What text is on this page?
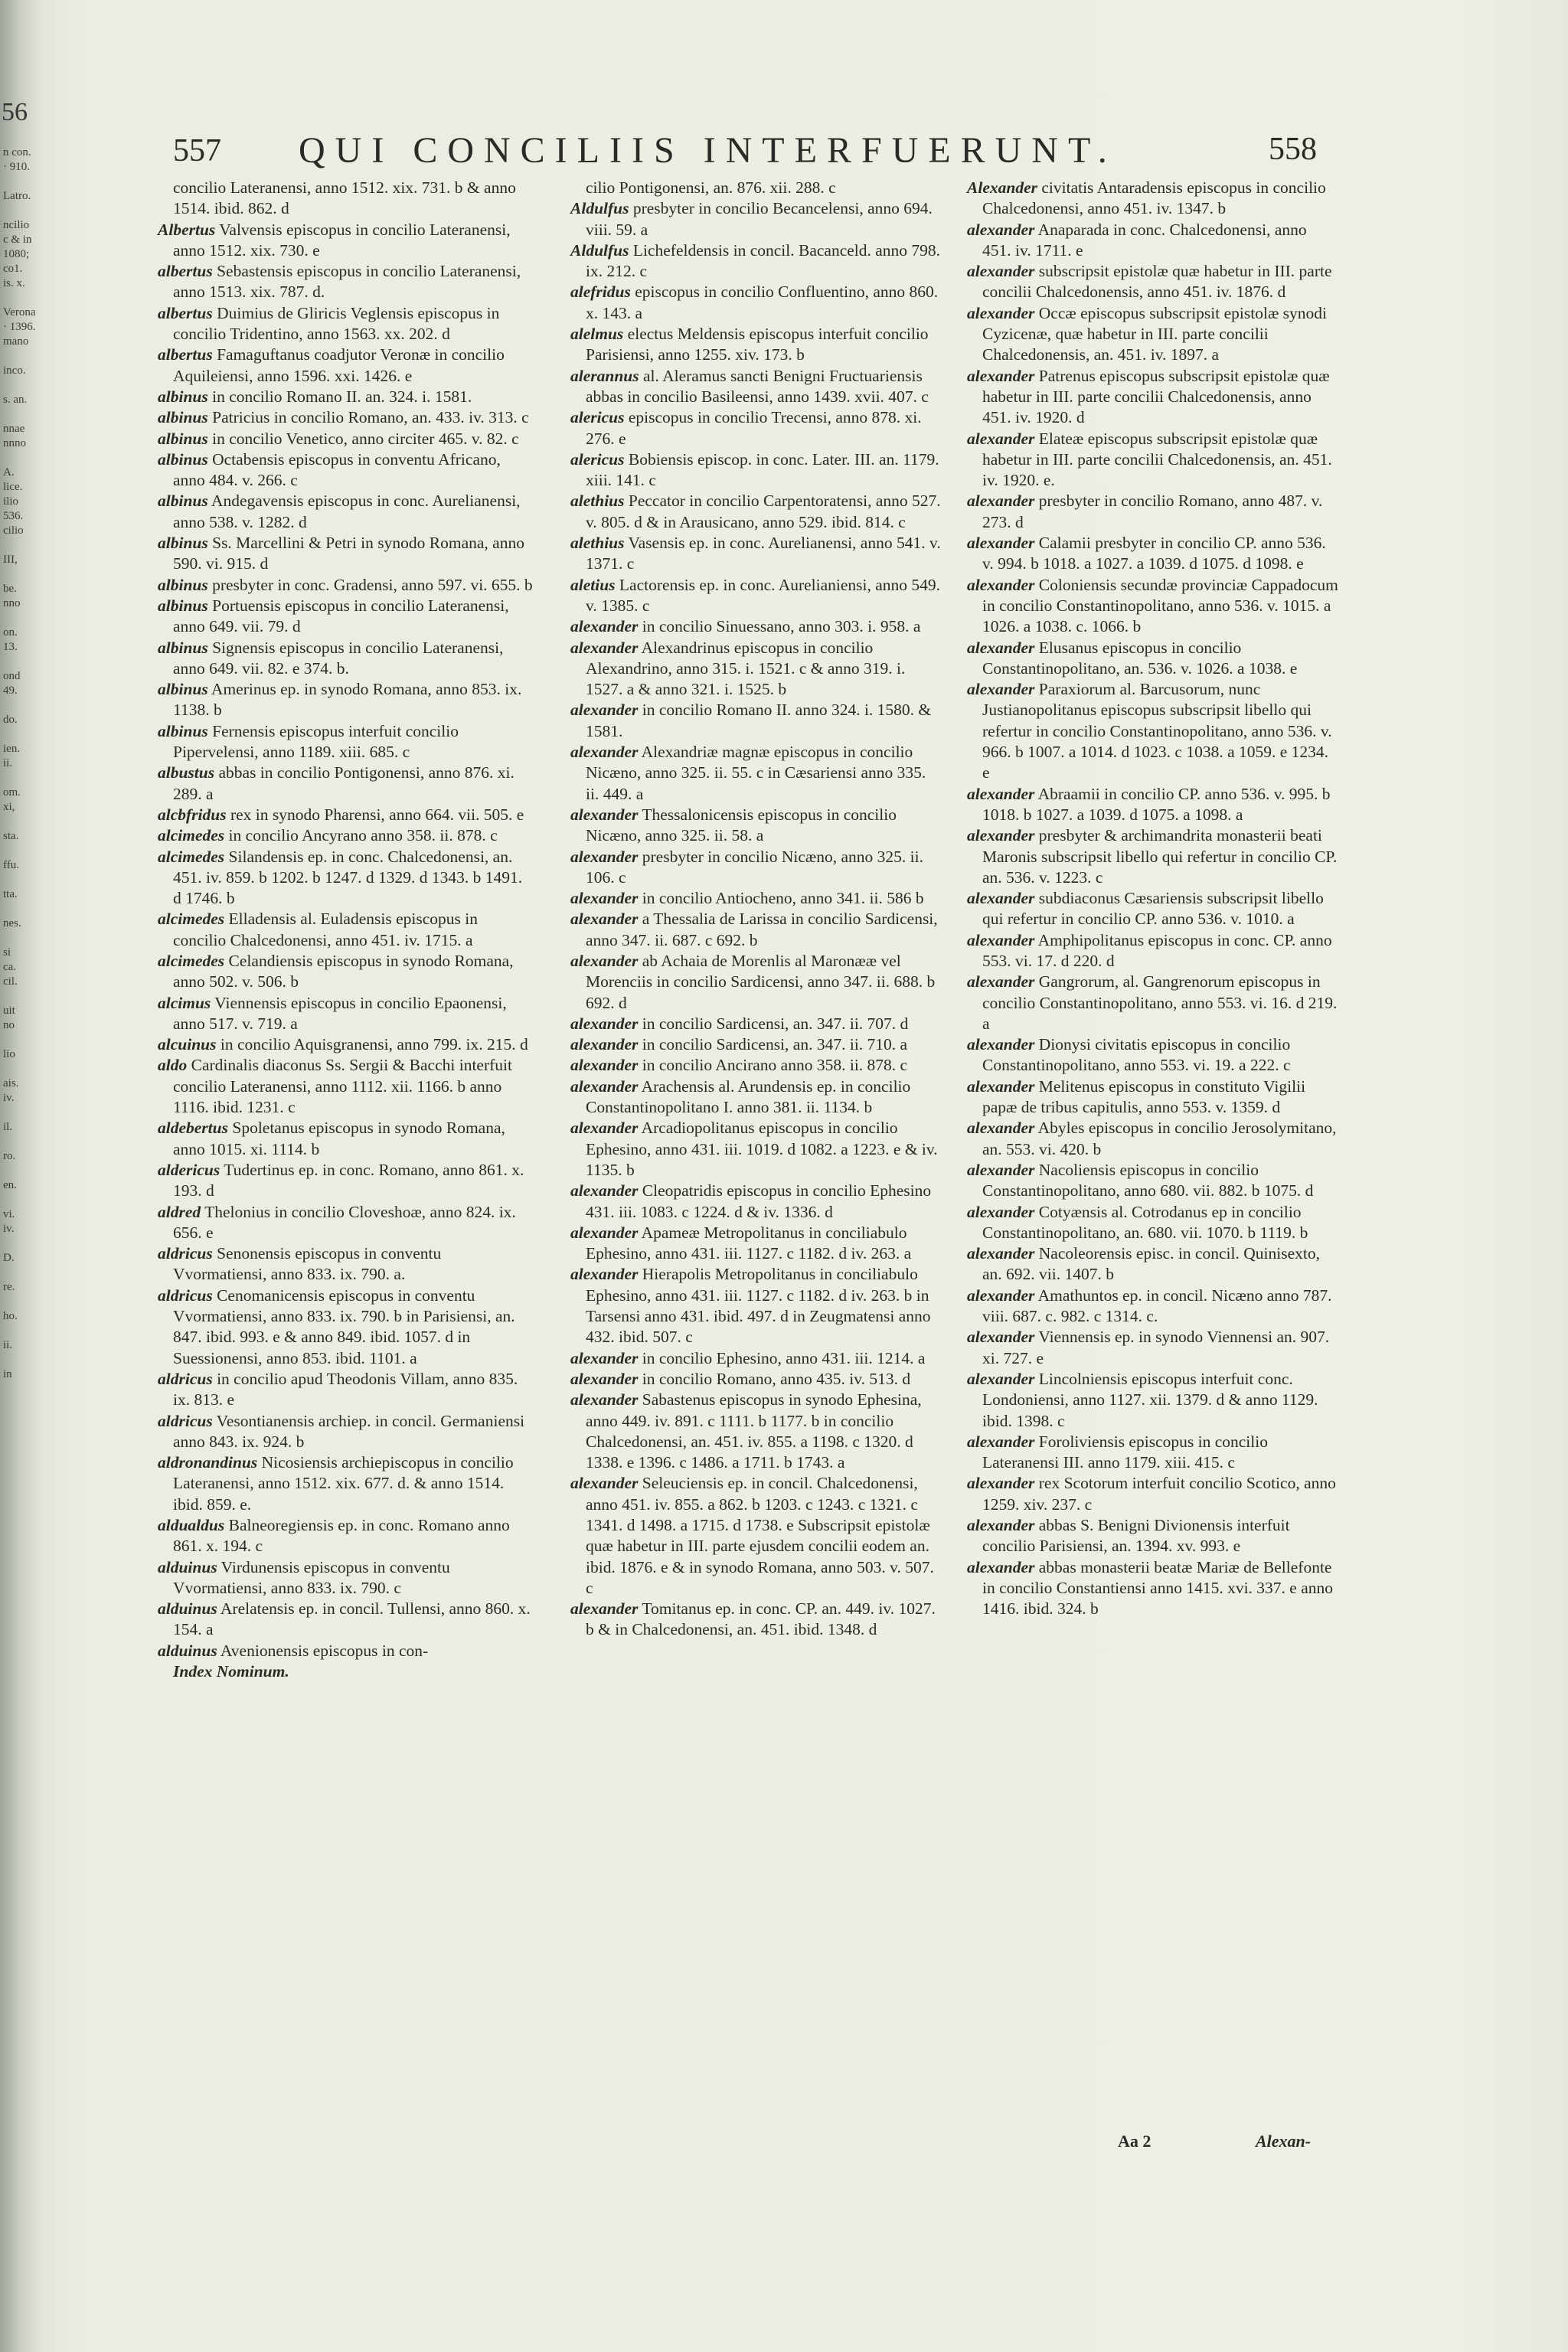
56
n con.
· 910.

Latro.

ncilio
c & in
1080;
co1.
is. x.

Verona
· 1396.
mano

inco.

s. an.

nnae
nnno

A.
lice.
ilio
536.
cilio

III,

be.
nno

on.
13.

ond
49.

do.

ien.
ii.

om.
xi,

sta.

ffu.

tta.

nes.

si
ca.
cil.

uit
no

lio

ais.
iv.

il.

ro.

en.

vi.
iv.

D.

re.

ho.

ii.

in
557 QUI CONCILIIS INTERFUERUNT.	558

concilio Lateranensi, anno 1512. xix. 731. b & anno 1514. ibid. 862. d

Albertus Valvensis episcopus in concilio Lateranensi, anno 1512. xix. 730. e

albertus Sebastensis episcopus in concilio Lateranensi, anno 1513. xix. 787. d.

albertus Duimius de Gliricis Veglensis episcopus in concilio Tridentino, anno 1563. xx. 202. d

albertus Famaguftanus coadjutor Veronæ in concilio Aquileiensi, anno 1596. xxi. 1426. e

albinus in concilio Romano II. an. 324. i. 1581.

albinus Patricius in concilio Romano, an. 433. iv. 313. c

albinus in concilio Venetico, anno circiter 465. v. 82. c

albinus Octabensis episcopus in conventu Africano, anno 484. v. 266. c

albinus Andegavensis episcopus in conc. Aurelianensi, anno 538. v. 1282. d

albinus Ss. Marcellini & Petri in synodo Romana, anno 590. vi. 915. d

albinus presbyter in conc. Gradensi, anno 597. vi. 655. b

albinus Portuensis episcopus in concilio Lateranensi, anno 649. vii. 79. d

albinus Signensis episcopus in concilio Lateranensi, anno 649. vii. 82. e 374. b.

albinus Amerinus ep. in synodo Romana, anno 853. ix. 1138. b

albinus Fernensis episcopus interfuit concilio Pipervelensi, anno 1189. xiii. 685. c

albustus abbas in concilio Pontigonensi, anno 876. xi. 289. a

alcbfridus rex in synodo Pharensi, anno 664. vii. 505. e

alcimedes in concilio Ancyrano anno 358. ii. 878. c

alcimedes Silandensis ep. in conc. Chalcedonensi, an. 451. iv. 859. b 1202. b 1247. d 1329. d 1343. b 1491. d 1746. b

alcimedes Elladensis al. Euladensis episcopus in concilio Chalcedonensi, anno 451. iv. 1715. a

alcimedes Celandiensis episcopus in synodo Romana, anno 502. v. 506. b

alcimus Viennensis episcopus in concilio Epaonensi, anno 517. v. 719. a

alcuinus in concilio Aquisgranensi, anno 799. ix. 215. d

aldo Cardinalis diaconus Ss. Sergii & Bacchi interfuit concilio Lateranensi, anno 1112. xii. 1166. b anno 1116. ibid. 1231. c

aldebertus Spoletanus episcopus in synodo Romana, anno 1015. xi. 1114. b

aldericus Tudertinus ep. in conc. Romano, anno 861. x. 193. d

aldred Thelonius in concilio Cloveshoæ, anno 824. ix. 656. e

aldricus Senonensis episcopus in conventu Vvormatiensi, anno 833. ix. 790. a.

aldricus Cenomanicensis episcopus in conventu Vvormatiensi, anno 833. ix. 790. b in Parisiensi, an. 847. ibid. 993. e & anno 849. ibid. 1057. d in Suessionensi, anno 853. ibid. 1101. a

aldricus in concilio apud Theodonis Villam, anno 835. ix. 813. e

aldricus Vesontianensis archiep. in concil. Germaniensi anno 843. ix. 924. b

aldronandinus Nicosiensis archiepiscopus in concilio Lateranensi, anno 1512. xix. 677. d. & anno 1514. ibid. 859. e.

aldualdus Balneoregiensis ep. in conc. Romano anno 861. x. 194. c

alduinus Virdunensis episcopus in conventu Vvormatiensi, anno 833. ix. 790. c

alduinus Arelatensis ep. in concil. Tullensi, anno 860. x. 154. a

alduinus Avenionensis episcopus in con-

Index Nominum.

cilio Pontigonensi, an. 876. xii. 288. c

Aldulfus presbyter in concilio Becancelensi, anno 694. viii. 59. a

Aldulfus Lichefeldensis in concil. Bacanceld. anno 798. ix. 212. c

alefridus episcopus in concilio Confluentino, anno 860. x. 143. a

alelmus electus Meldensis episcopus interfuit concilio Parisiensi, anno 1255. xiv. 173. b

alerannus al. Aleramus sancti Benigni Fructuariensis abbas in concilio Basileensi, anno 1439. xvii. 407. c

alericus episcopus in concilio Trecensi, anno 878. xi. 276. e

alericus Bobiensis episcop. in conc. Later. III. an. 1179. xiii. 141. c

alethius Peccator in concilio Carpentoratensi, anno 527. v. 805. d & in Arausicano, anno 529. ibid. 814. c

alethius Vasensis ep. in conc. Aurelianensi, anno 541. v. 1371. c

aletius Lactorensis ep. in conc. Aurelianiensi, anno 549. v. 1385. c

alexander in concilio Sinuessano, anno 303. i. 958. a

alexander Alexandrinus episcopus in concilio Alexandrino, anno 315. i. 1521. c & anno 319. i. 1527. a & anno 321. i. 1525. b

alexander in concilio Romano II. anno 324. i. 1580. & 1581.

alexander Alexandriæ magnæ episcopus in concilio Nicæno, anno 325. ii. 55. c in Cæsariensi anno 335. ii. 449. a

alexander Thessalonicensis episcopus in concilio Nicæno, anno 325. ii. 58. a

alexander presbyter in concilio Nicæno, anno 325. ii. 106. c

alexander in concilio Antiocheno, anno 341. ii. 586 b

alexander a Thessalia de Larissa in concilio Sardicensi, anno 347. ii. 687. c 692. b

alexander ab Achaia de Morenlis al Maronææ vel Morenciis in concilio Sardicensi, anno 347. ii. 688. b 692. d

alexander in concilio Sardicensi, an. 347. ii. 707. d

alexander in concilio Sardicensi, an. 347. ii. 710. a

alexander in concilio Ancirano anno 358. ii. 878. c

alexander Arachensis al. Arundensis ep. in concilio Constantinopolitano I. anno 381. ii. 1134. b

alexander Arcadiopolitanus episcopus in concilio Ephesino, anno 431. iii. 1019. d 1082. a 1223. e & iv. 1135. b

alexander Cleopatridis episcopus in concilio Ephesino 431. iii. 1083. c 1224. d & iv. 1336. d

alexander Apameæ Metropolitanus in conciliabulo Ephesino, anno 431. iii. 1127. c 1182. d iv. 263. a

alexander Hierapolis Metropolitanus in conciliabulo Ephesino, anno 431. iii. 1127. c 1182. d iv. 263. b in Tarsensi anno 431. ibid. 497. d in Zeugmatensi anno 432. ibid. 507. c

alexander in concilio Ephesino, anno 431. iii. 1214. a

alexander in concilio Romano, anno 435. iv. 513. d

alexander Sabastenus episcopus in synodo Ephesina, anno 449. iv. 891. c 1111. b 1177. b in concilio Chalcedonensi, an. 451. iv. 855. a 1198. c 1320. d 1338. e 1396. c 1486. a 1711. b 1743. a

alexander Seleuciensis ep. in concil. Chalcedonensi, anno 451. iv. 855. a 862. b 1203. c 1243. c 1321. c 1341. d 1498. a 1715. d 1738. e Subscripsit epistolæ quæ habetur in III. parte ejusdem concilii eodem an. ibid. 1876. e & in synodo Romana, anno 503. v. 507. c

alexander Tomitanus ep. in conc. CP. an. 449. iv. 1027. b & in Chalcedonensi, an. 451. ibid. 1348. d

Alexander civitatis Antaradensis episcopus in concilio Chalcedonensi, anno 451. iv. 1347. b

alexander Anaparada in conc. Chalcedonensi, anno 451. iv. 1711. e

alexander subscripsit epistolæ quæ habetur in III. parte concilii Chalcedonensis, anno 451. iv. 1876. d

alexander Occæ episcopus subscripsit epistolæ synodi Cyzicenæ, quæ habetur in III. parte concilii Chalcedonensis, an. 451. iv. 1897. a

alexander Patrenus episcopus subscripsit epistolæ quæ habetur in III. parte concilii Chalcedonensis, anno 451. iv. 1920. d

alexander Elateæ episcopus subscripsit epistolæ quæ habetur in III. parte concilii Chalcedonensis, an. 451. iv. 1920. e.

alexander presbyter in concilio Romano, anno 487. v. 273. d

alexander Calamii presbyter in concilio CP. anno 536. v. 994. b 1018. a 1027. a 1039. d 1075. d 1098. e

alexander Coloniensis secundæ provinciæ Cappadocum in concilio Constantinopolitano, anno 536. v. 1015. a 1026. a 1038. c. 1066. b

alexander Elusanus episcopus in concilio Constantinopolitano, an. 536. v. 1026. a 1038. e

alexander Paraxiorum al. Barcusorum, nunc Justianopolitanus episcopus subscripsit libello qui refertur in concilio Constantinopolitano, anno 536. v. 966. b 1007. a 1014. d 1023. c 1038. a 1059. e 1234. e

alexander Abraamii in concilio CP. anno 536. v. 995. b 1018. b 1027. a 1039. d 1075. a 1098. a

alexander presbyter & archimandrita monasterii beati Maronis subscripsit libello qui refertur in concilio CP. an. 536. v. 1223. c

alexander subdiaconus Cæsariensis subscripsit libello qui refertur in concilio CP. anno 536. v. 1010. a

alexander Amphipolitanus episcopus in conc. CP. anno 553. vi. 17. d 220. d

alexander Gangrorum, al. Gangrenorum episcopus in concilio Constantinopolitano, anno 553. vi. 16. d 219. a

alexander Dionysi civitatis episcopus in concilio Constantinopolitano, anno 553. vi. 19. a 222. c

alexander Melitenus episcopus in constituto Vigilii papæ de tribus capitulis, anno 553. v. 1359. d

alexander Abyles episcopus in concilio Jerosolymitano, an. 553. vi. 420. b

alexander Nacoliensis episcopus in concilio Constantinopolitano, anno 680. vii. 882. b 1075. d

alexander Cotyænsis al. Cotrodanus ep in concilio Constantinopolitano, an. 680. vii. 1070. b 1119. b

alexander Nacoleorensis episc. in concil. Quinisexto, an. 692. vii. 1407. b

alexander Amathuntos ep. in concil. Nicæno anno 787. viii. 687. c. 982. c 1314. c.

alexander Viennensis ep. in synodo Viennensi an. 907. xi. 727. e

alexander Lincolniensis episcopus interfuit conc. Londoniensi, anno 1127. xii. 1379. d & anno 1129. ibid. 1398. c

alexander Foroliviensis episcopus in concilio Lateranensi III. anno 1179. xiii. 415. c

alexander rex Scotorum interfuit concilio Scotico, anno 1259. xiv. 237. c

alexander abbas S. Benigni Divionensis interfuit concilio Parisiensi, an. 1394. xv. 993. e

alexander abbas monasterii beatæ Mariæ de Bellefonte in concilio Constantiensi anno 1415. xvi. 337. e anno 1416. ibid. 324. b

Aa 2	Alexan-
